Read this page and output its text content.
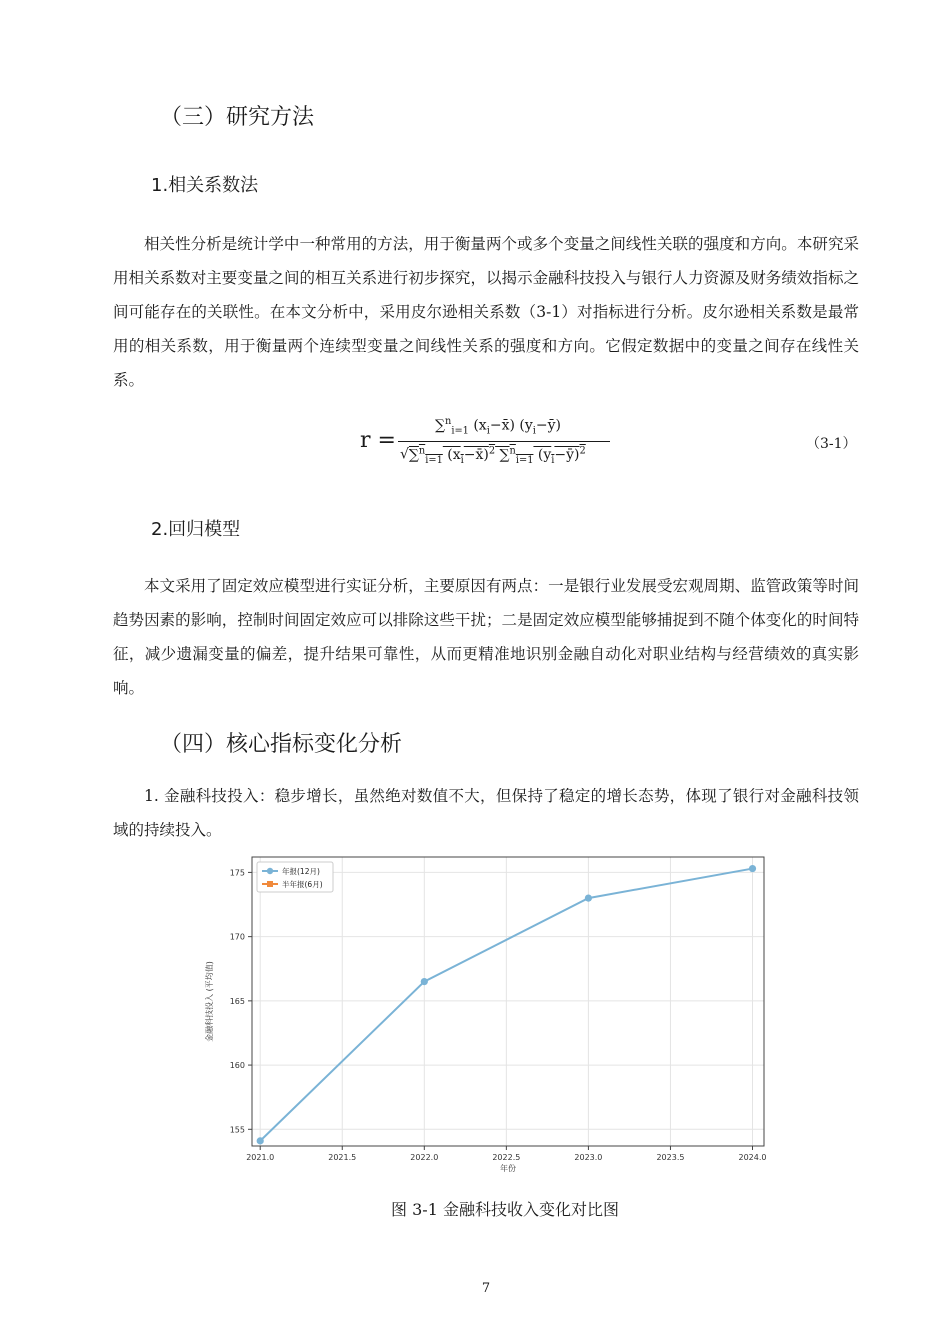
（三）研究方法
1.相关系数法
相关性分析是统计学中一种常用的方法，用于衡量两个或多个变量之间线性关联的强度和方向。本研究采用相关系数对主要变量之间的相互关系进行初步探究，以揭示金融科技投入与银行人力资源及财务绩效指标之间可能存在的关联性。在本文分析中，采用皮尔逊相关系数（3-1）对指标进行分析。皮尔逊相关系数是最常用的相关系数，用于衡量两个连续型变量之间线性关系的强度和方向。它假定数据中的变量之间存在线性关系。
r =
∑$^n_{i=1}$ $(x_i-x̄)$ $(y_i-ȳ)$
√∑$^n_{i=1}$ $(x_i-x̄)^2$ ∑$^n_{i=1}$ $(y_i-ȳ)^2$	（3-1）
2.回归模型
本文采用了固定效应模型进行实证分析，主要原因有两点：一是银行业发展受宏观周期、监管政策等时间趋势因素的影响，控制时间固定效应可以排除这些干扰；二是固定效应模型能够捕捉到不随个体变化的时间特征，减少遗漏变量的偏差，提升结果可靠性，从而更精准地识别金融自动化对职业结构与经营绩效的真实影响。
（四）核心指标变化分析
1. 金融科技投入：稳步增长，虽然绝对数值不大，但保持了稳定的增长态势，体现了银行对金融科技领域的持续投入。
2021.0	2021.5	2022.0	2022.5	2023.0	2023.5	2024.0
155
160
165
170
175
年份
金融科技投入 (平均值)
年报(12月)
半年报(6月)
图 3-1 金融科技收入变化对比图
7
